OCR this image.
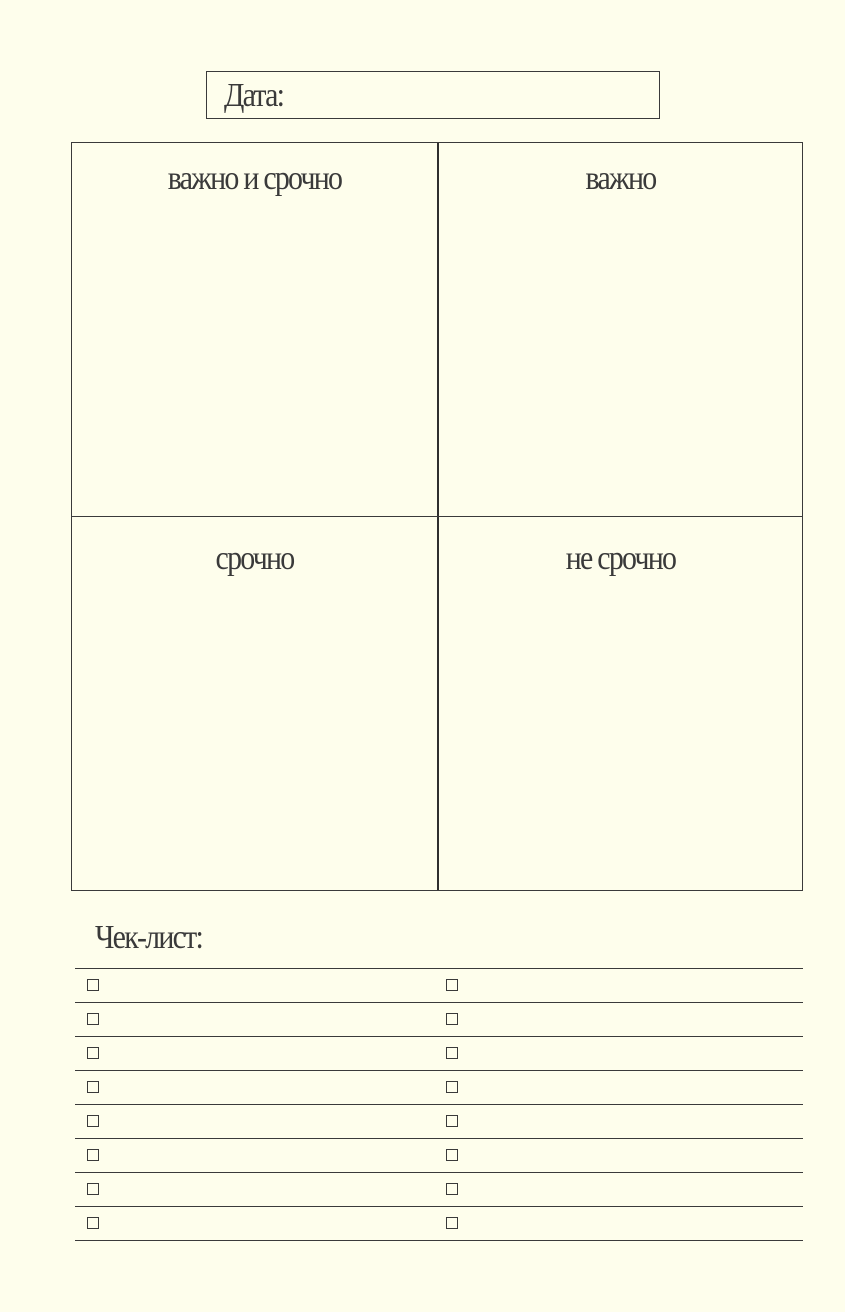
Дата:
важно и срочно	важно
срочно	не срочно
Чек-лист:
